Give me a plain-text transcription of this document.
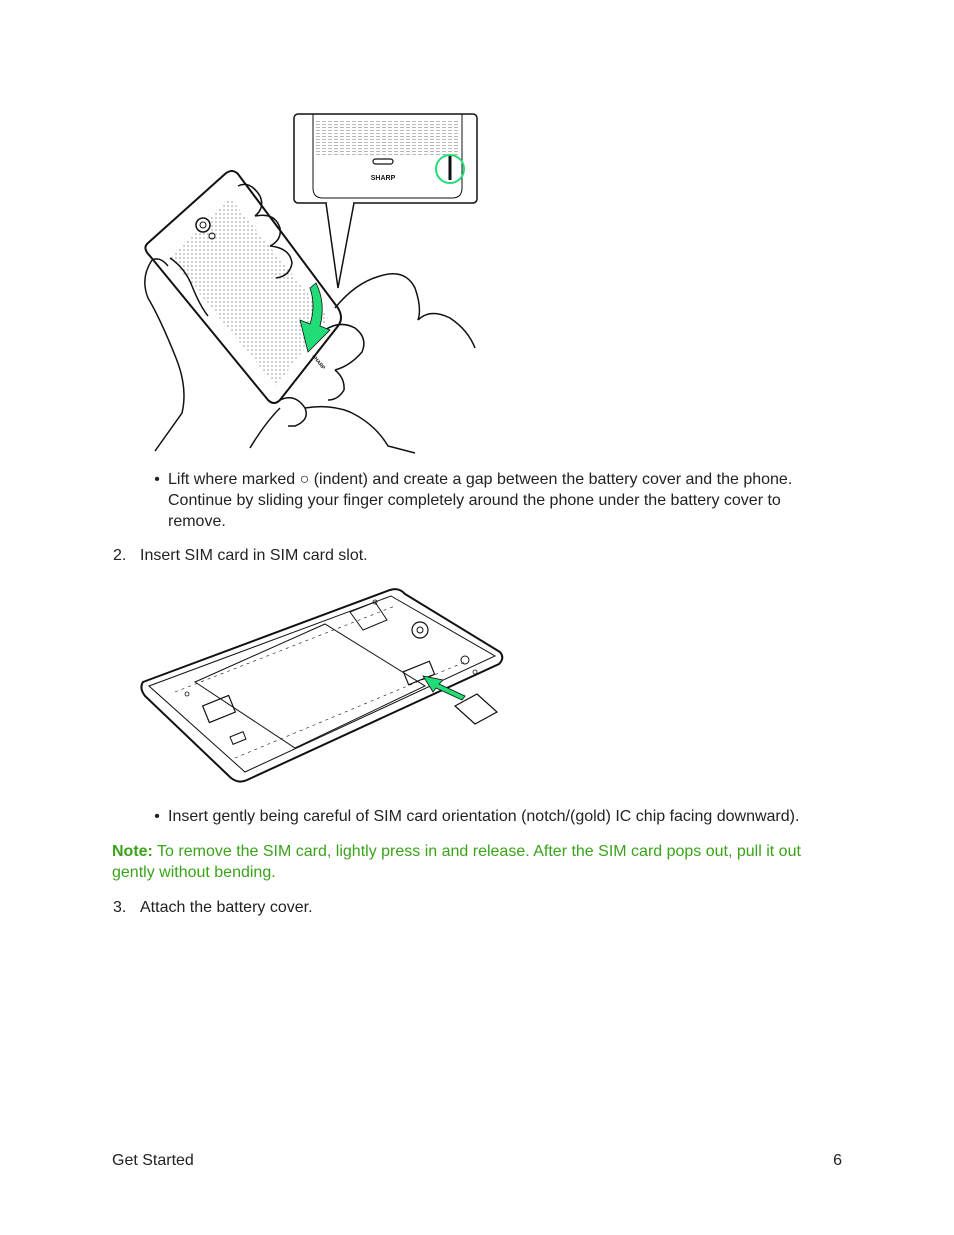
SHARP
SHARP
• Lift where marked ○ (indent) and create a gap between the battery cover and the phone. Continue by sliding your finger completely around the phone under the battery cover to remove.
2. Insert SIM card in SIM card slot.
• Insert gently being careful of SIM card orientation (notch/(gold) IC chip facing downward).
Note: To remove the SIM card, lightly press in and release. After the SIM card pops out, pull it out gently without bending.
3. Attach the battery cover.
Get Started	6
